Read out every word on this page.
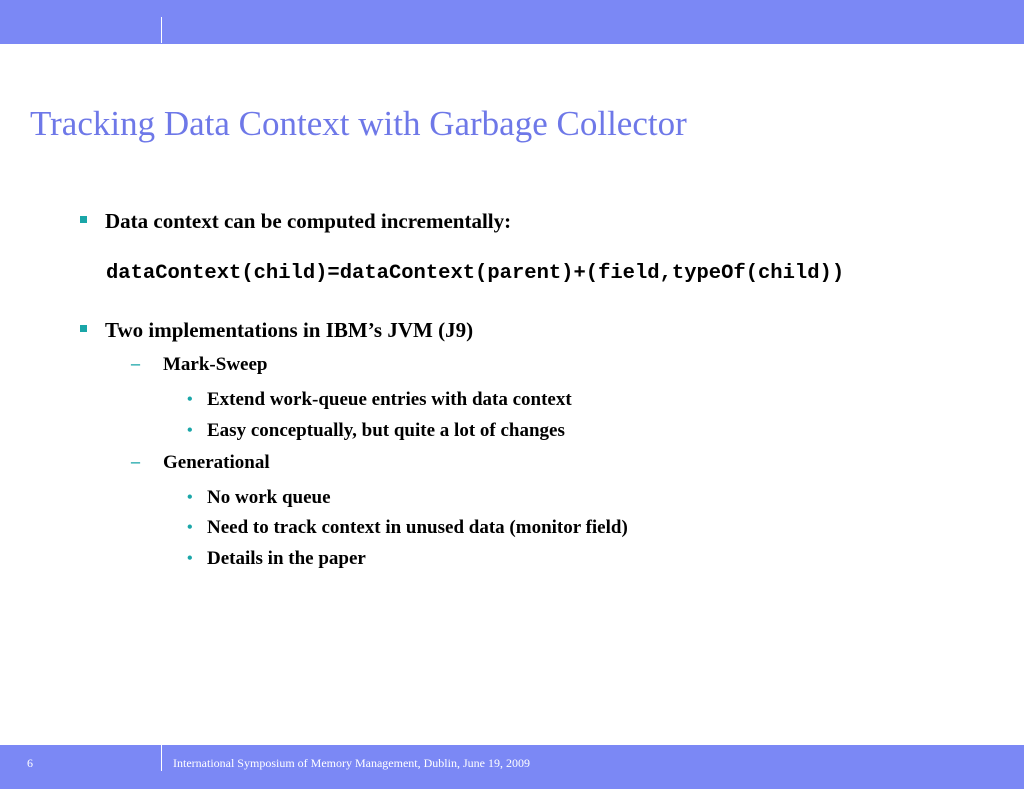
Tracking Data Context with Garbage Collector
Data context can be computed incrementally:
dataContext(child)=dataContext(parent)+(field,typeOf(child))
Two implementations in IBM’s JVM (J9)
– Mark-Sweep
• Extend work-queue entries with data context
• Easy conceptually, but quite a lot of changes
– Generational
• No work queue
• Need to track context in unused data (monitor field)
• Details in the paper
6	International Symposium of Memory Management, Dublin, June 19, 2009
